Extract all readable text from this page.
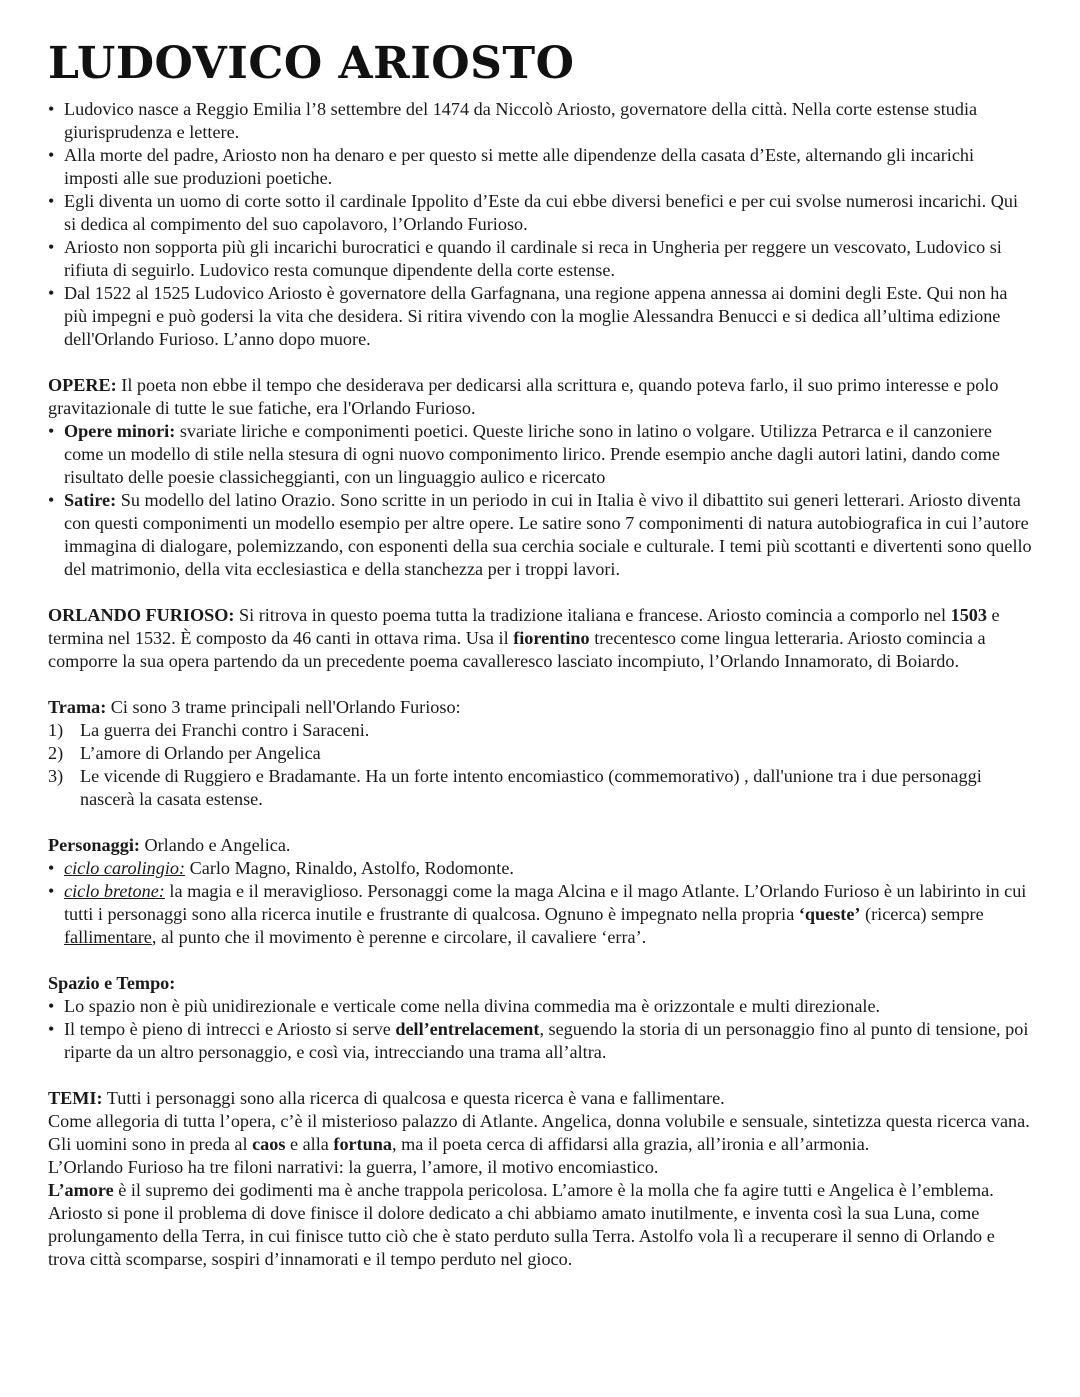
LUDOVICO ARIOSTO
• Ludovico nasce a Reggio Emilia l’8 settembre del 1474 da Niccolò Ariosto, governatore della città. Nella corte estense studia giurisprudenza e lettere.
• Alla morte del padre, Ariosto non ha denaro e per questo si mette alle dipendenze della casata d’Este, alternando gli incarichi imposti alle sue produzioni poetiche.
• Egli diventa un uomo di corte sotto il cardinale Ippolito d’Este da cui ebbe diversi benefici e per cui svolse numerosi incarichi. Qui si dedica al compimento del suo capolavoro, l’Orlando Furioso.
• Ariosto non sopporta più gli incarichi burocratici e quando il cardinale si reca in Ungheria per reggere un vescovato, Ludovico si rifiuta di seguirlo. Ludovico resta comunque dipendente della corte estense.
• Dal 1522 al 1525 Ludovico Ariosto è governatore della Garfagnana, una regione appena annessa ai domini degli Este. Qui non ha più impegni e può godersi la vita che desidera. Si ritira vivendo con la moglie Alessandra Benucci e si dedica all’ultima edizione dell'Orlando Furioso. L’anno dopo muore.
OPERE: Il poeta non ebbe il tempo che desiderava per dedicarsi alla scrittura e, quando poteva farlo, il suo primo interesse e polo gravitazionale di tutte le sue fatiche, era l'Orlando Furioso.
• Opere minori: svariate liriche e componimenti poetici. Queste liriche sono in latino o volgare. Utilizza Petrarca e il canzoniere come un modello di stile nella stesura di ogni nuovo componimento lirico. Prende esempio anche dagli autori latini, dando come risultato delle poesie classicheggianti, con un linguaggio aulico e ricercato
• Satire: Su modello del latino Orazio. Sono scritte in un periodo in cui in Italia è vivo il dibattito sui generi letterari. Ariosto diventa con questi componimenti un modello esempio per altre opere. Le satire sono 7 componimenti di natura autobiografica in cui l’autore immagina di dialogare, polemizzando, con esponenti della sua cerchia sociale e culturale. I temi più scottanti e divertenti sono quello del matrimonio, della vita ecclesiastica e della stanchezza per i troppi lavori.
ORLANDO FURIOSO: Si ritrova in questo poema tutta la tradizione italiana e francese. Ariosto comincia a comporlo nel 1503 e termina nel 1532. È composto da 46 canti in ottava rima. Usa il fiorentino trecentesco come lingua letteraria. Ariosto comincia a comporre la sua opera partendo da un precedente poema cavalleresco lasciato incompiuto, l’Orlando Innamorato, di Boiardo.
Trama: Ci sono 3 trame principali nell'Orlando Furioso:
1) La guerra dei Franchi contro i Saraceni.
2) L’amore di Orlando per Angelica
3) Le vicende di Ruggiero e Bradamante. Ha un forte intento encomiastico (commemorativo) , dall'unione tra i due personaggi nascerà la casata estense.
Personaggi: Orlando e Angelica.
• ciclo carolingio: Carlo Magno, Rinaldo, Astolfo, Rodomonte.
• ciclo bretone: la magia e il meraviglioso. Personaggi come la maga Alcina e il mago Atlante. L’Orlando Furioso è un labirinto in cui tutti i personaggi sono alla ricerca inutile e frustrante di qualcosa. Ognuno è impegnato nella propria ‘queste’ (ricerca) sempre fallimentare, al punto che il movimento è perenne e circolare, il cavaliere ‘erra’.
Spazio e Tempo:
• Lo spazio non è più unidirezionale e verticale come nella divina commedia ma è orizzontale e multi direzionale.
• Il tempo è pieno di intrecci e Ariosto si serve dell’entrelacement, seguendo la storia di un personaggio fino al punto di tensione, poi riparte da un altro personaggio, e così via, intrecciando una trama all’altra.
TEMI: Tutti i personaggi sono alla ricerca di qualcosa e questa ricerca è vana e fallimentare.
Come allegoria di tutta l’opera, c’è il misterioso palazzo di Atlante. Angelica, donna volubile e sensuale, sintetizza questa ricerca vana.
Gli uomini sono in preda al caos e alla fortuna, ma il poeta cerca di affidarsi alla grazia, all’ironia e all’armonia.
L’Orlando Furioso ha tre filoni narrativi: la guerra, l’amore, il motivo encomiastico.
L’amore è il supremo dei godimenti ma è anche trappola pericolosa. L’amore è la molla che fa agire tutti e Angelica è l’emblema.
Ariosto si pone il problema di dove finisce il dolore dedicato a chi abbiamo amato inutilmente, e inventa così la sua Luna, come prolungamento della Terra, in cui finisce tutto ciò che è stato perduto sulla Terra. Astolfo vola lì a recuperare il senno di Orlando e trova città scomparse, sospiri d’innamorati e il tempo perduto nel gioco.
